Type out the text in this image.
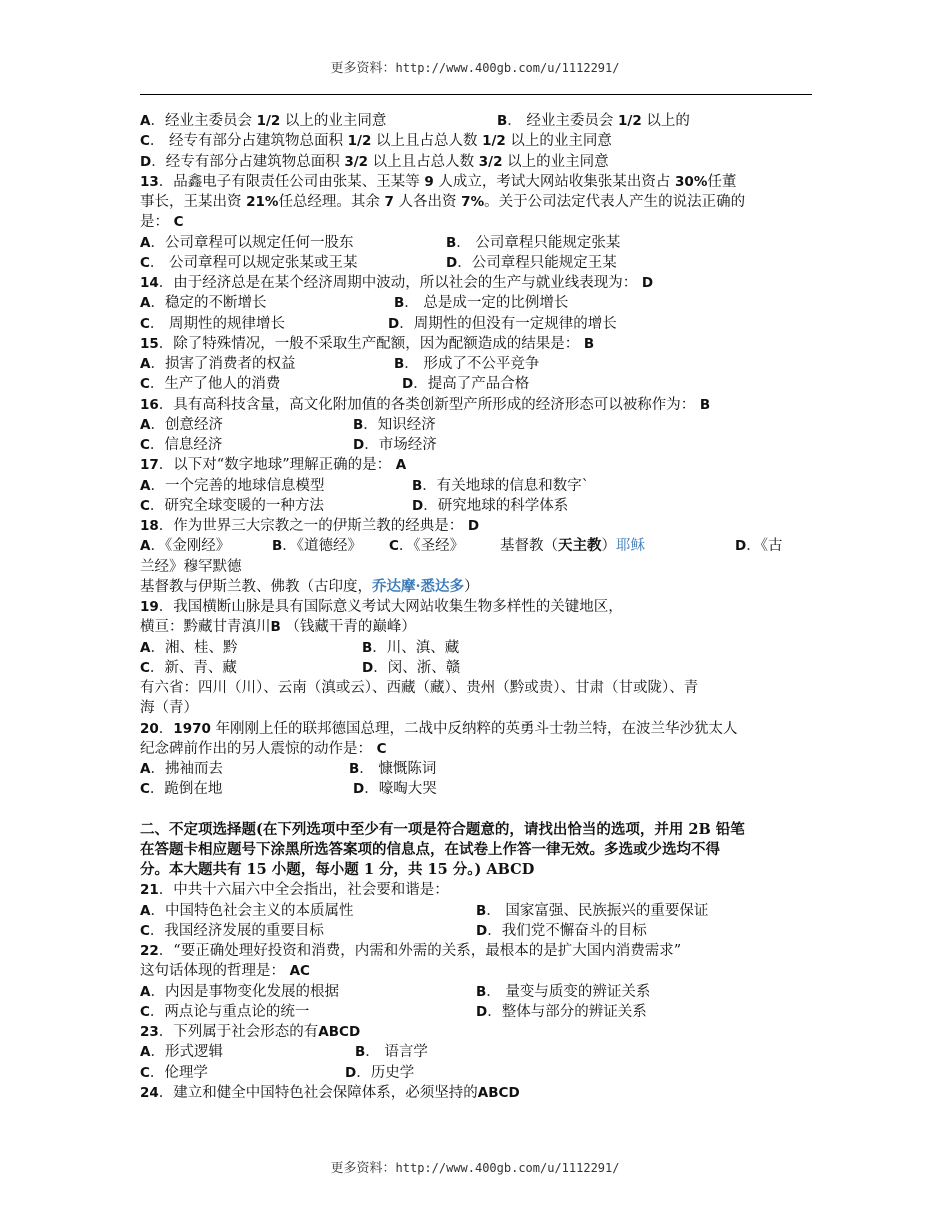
更多资料：http://www.400gb.com/u/1112291/
A．经业主委员会 1/2 以上的业主同意	B． 经业主委员会 1/2 以上的
C． 经专有部分占建筑物总面积 1/2 以上且占总人数 1/2 以上的业主同意
D．经专有部分占建筑物总面积 3/2 以上且占总人数 3/2 以上的业主同意
13．品鑫电子有限责任公司由张某、王某等 9 人成立，考试大网站收集张某出资占 30%任董
事长，王某出资 21%任总经理。其余 7 人各出资 7%。关于公司法定代表人产生的说法正确的
是： C
A．公司章程可以规定任何一股东	B． 公司章程只能规定张某
C． 公司章程可以规定张某或王某	D．公司章程只能规定王某
14．由于经济总是在某个经济周期中波动，所以社会的生产与就业线表现为： D
A．稳定的不断增长	B． 总是成一定的比例增长
C． 周期性的规律增长	D．周期性的但没有一定规律的增长
15．除了特殊情况，一般不采取生产配额，因为配额造成的结果是： B
A．损害了消费者的权益	B． 形成了不公平竞争
C．生产了他人的消费	D．提高了产品合格
16．具有高科技含量，高文化附加值的各类创新型产所形成的经济形态可以被称作为： B
A．创意经济	B．知识经济
C．信息经济	D．市场经济
17．以下对“数字地球”理解正确的是： A
A．一个完善的地球信息模型	B．有关地球的信息和数字`
C．研究全球变暖的一种方法	D．研究地球的科学体系
18．作为世界三大宗教之一的伊斯兰教的经典是： D
A．《金刚经》	B．《道德经》 C．《圣经》 基督教（天主教）耶稣	D．《古
兰经》穆罕默德
基督教与伊斯兰教、佛教（古印度，乔达摩·悉达多）
19．我国横断山脉是具有国际意义考试大网站收集生物多样性的关键地区，
横亘：黔藏甘青滇川B （钱藏干青的巅峰）
A．湘、桂、黔	B．川、滇、藏
C．新、青、藏	D．闵、浙、赣
有六省：四川（川）、云南（滇或云）、西藏（藏）、贵州（黔或贵）、甘肃（甘或陇）、青
海（青）
20．1970 年刚刚上任的联邦德国总理，二战中反纳粹的英勇斗士勃兰特，在波兰华沙犹太人
纪念碑前作出的另人震惊的动作是： C
A．拂袖而去	B． 慷慨陈词
C．跪倒在地	D．嚎啕大哭
二、不定项选择题(在下列选项中至少有一项是符合题意的，请找出恰当的选项，并用 2B 铅笔
在答题卡相应题号下涂黑所选答案项的信息点，在试卷上作答一律无效。多选或少选均不得
分。本大题共有 15 小题，每小题 1 分，共 15 分。) ABCD
21．中共十六届六中全会指出，社会要和谐是：
A．中国特色社会主义的本质属性	B． 国家富强、民族振兴的重要保证
C．我国经济发展的重要目标	D．我们党不懈奋斗的目标
22．“要正确处理好投资和消费，内需和外需的关系，最根本的是扩大国内消费需求”
这句话体现的哲理是： AC
A．内因是事物变化发展的根据	B． 量变与质变的辨证关系
C．两点论与重点论的统一	D．整体与部分的辨证关系
23．下列属于社会形态的有ABCD
A．形式逻辑	B． 语言学
C．伦理学	D．历史学
24．建立和健全中国特色社会保障体系，必须坚持的ABCD
更多资料：http://www.400gb.com/u/1112291/
